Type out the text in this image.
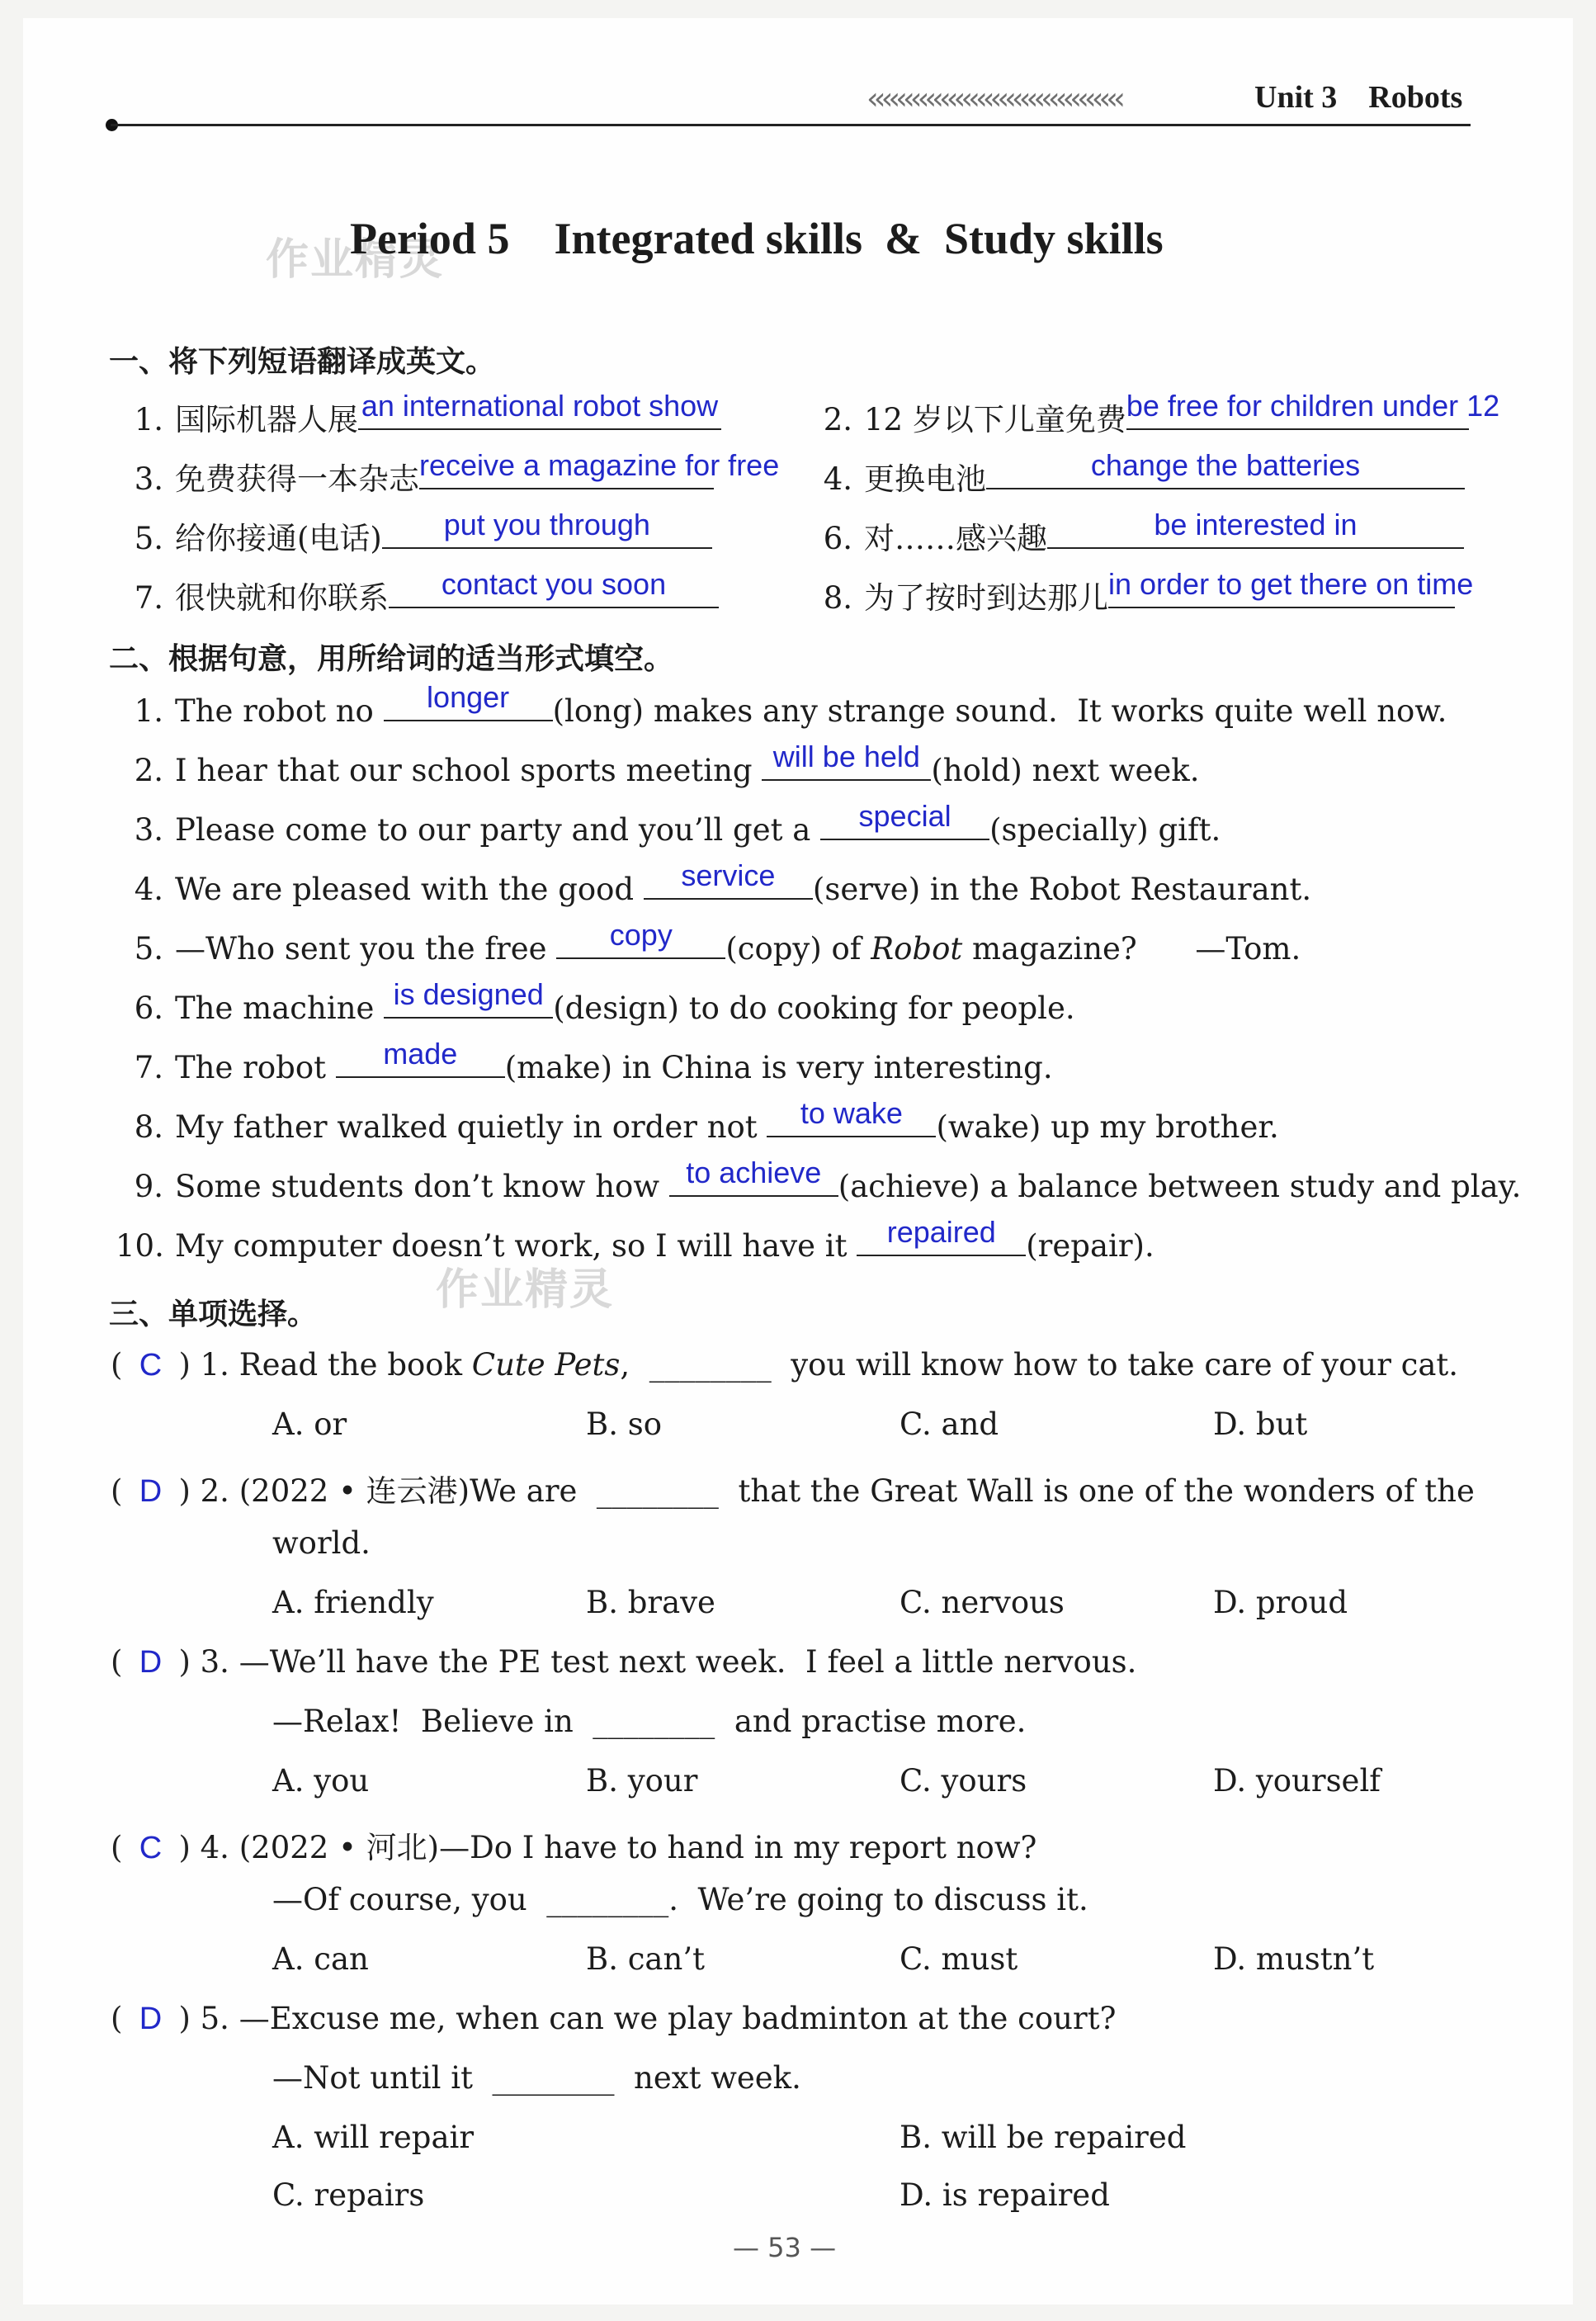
‹‹‹‹‹‹‹‹‹‹‹‹‹‹‹‹‹‹‹‹‹‹‹‹‹‹‹‹‹‹‹‹‹‹‹	Unit 3    Robots
作业精灵
Period 5    Integrated skills  &  Study skills
一、将下列短语翻译成英文。
1. 国际机器人展 an international robot show	2. 12 岁以下儿童免费 be free for children under 12
3. 免费获得一本杂志 receive a magazine for free	4. 更换电池	change the batteries
5. 给你接通(电话)	put you through	6. 对……感兴趣	be interested in
7. 很快就和你联系	contact you soon	8. 为了按时到达那儿 in order to get there on time
二、根据句意，用所给词的适当形式填空。
1. The robot no	longer	(long) makes any strange sound.  It works quite well now.
2. I hear that our school sports meeting will be held (hold) next week.
3. Please come to our party and you’ll get a	special	(specially) gift.
4. We are pleased with the good	service	(serve) in the Robot Restaurant.
5. —Who sent you the free	copy	(copy) of Robot magazine?      —Tom.
6. The machine is designed (design) to do cooking for people.
7. The robot	made	(make) in China is very interesting.
8. My father walked quietly in order not	to wake	(wake) up my brother.
9. Some students don’t know how to achieve (achieve) a balance between study and play.
10. My computer doesn’t work, so I will have it	repaired (repair).
作业精灵
三、单项选择。
( C ) 1. Read the book Cute Pets,  ________  you will know how to take care of your cat.
A. or	B. so	C. and	D. but
( D ) 2. (2022 • 连云港)We are  ________  that the Great Wall is one of the wonders of the
world.
A. friendly	B. brave	C. nervous	D. proud
( D ) 3. —We’ll have the PE test next week.  I feel a little nervous.
—Relax!  Believe in  ________  and practise more.
A. you	B. your	C. yours	D. yourself
( C ) 4. (2022 • 河北)—Do I have to hand in my report now?
—Of course, you  ________.  We’re going to discuss it.
A. can	B. can’t	C. must	D. mustn’t
( D ) 5. —Excuse me, when can we play badminton at the court?
—Not until it  ________  next week.
A. will repair	B. will be repaired
C. repairs	D. is repaired
— 53 —
